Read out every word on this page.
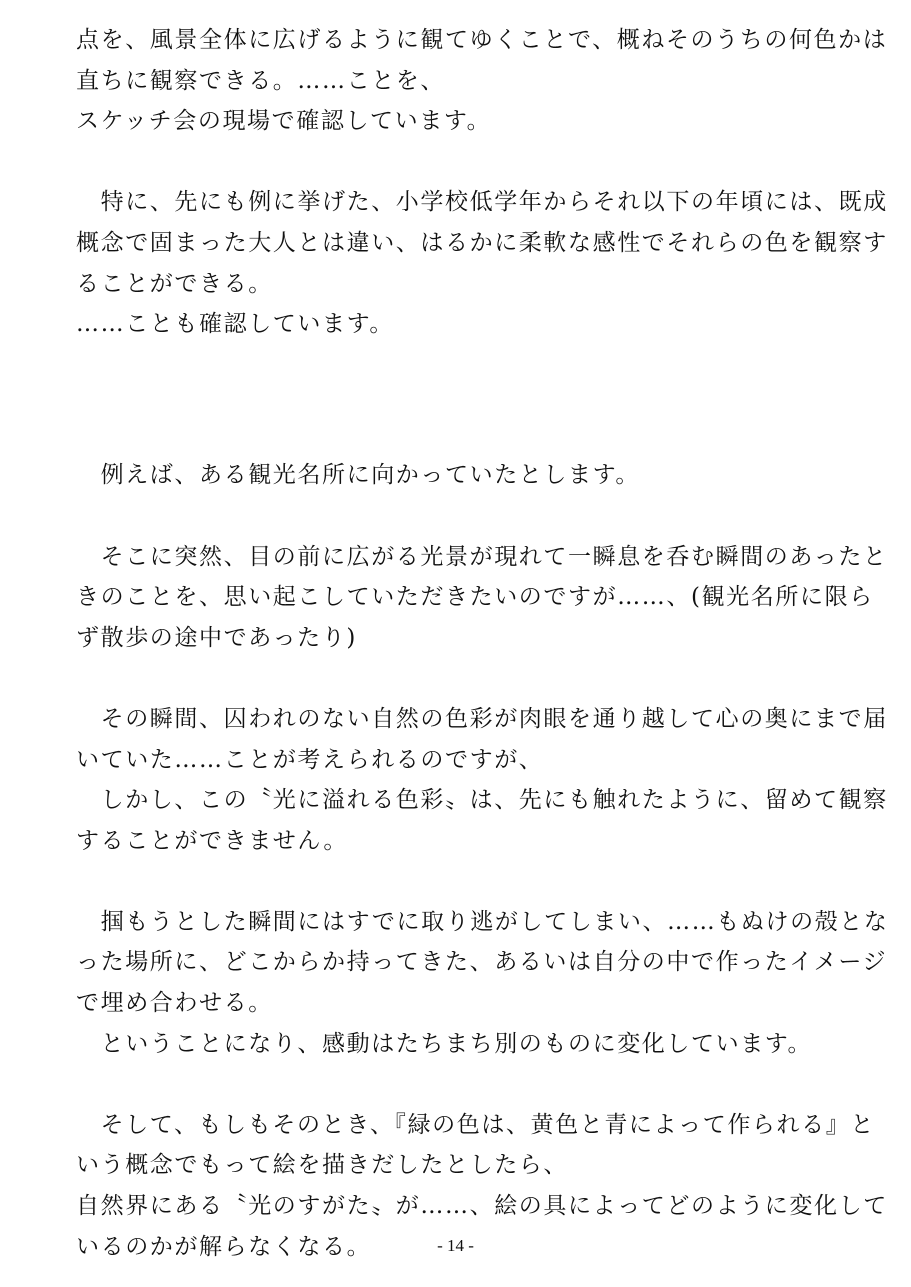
点を、風景全体に広げるように観てゆくことで、概ねそのうちの何色かは
直ちに観察できる。……ことを、
スケッチ会の現場で確認しています。
　特に、先にも例に挙げた、小学校低学年からそれ以下の年頃には、既成
概念で固まった大人とは違い、はるかに柔軟な感性でそれらの色を観察す
ることができる。
……ことも確認しています。
　例えば、ある観光名所に向かっていたとします。
　そこに突然、目の前に広がる光景が現れて一瞬息を呑む瞬間のあったと
きのことを、思い起こしていただきたいのですが……、(観光名所に限ら
ず散歩の途中であったり)
　その瞬間、囚われのない自然の色彩が肉眼を通り越して心の奥にまで届
いていた……ことが考えられるのですが、
　しかし、この〝光に溢れる色彩〟は、先にも触れたように、留めて観察
することができません。
　掴もうとした瞬間にはすでに取り逃がしてしまい、……もぬけの殻とな
った場所に、どこからか持ってきた、あるいは自分の中で作ったイメージ
で埋め合わせる。
　ということになり、感動はたちまち別のものに変化しています。
　そして、もしもそのとき、『緑の色は、黄色と青によって作られる』と
いう概念でもって絵を描きだしたとしたら、
自然界にある〝光のすがた〟が……、絵の具によってどのように変化して
いるのかが解らなくなる。	- 14 -
